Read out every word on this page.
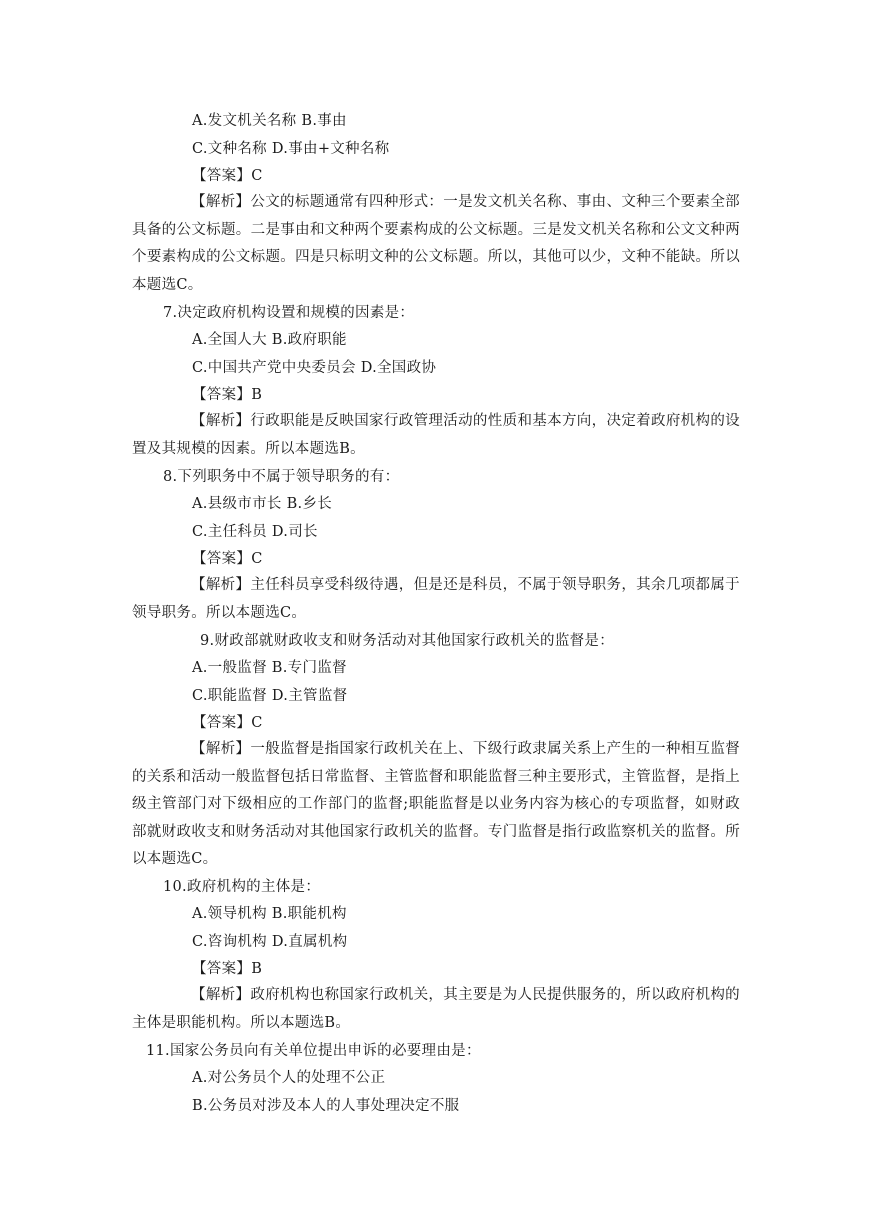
A.发文机关名称 B.事由
C.文种名称 D.事由+文种名称
【答案】C
【解析】公文的标题通常有四种形式：一是发文机关名称、事由、文种三个要素全部具备的公文标题。二是事由和文种两个要素构成的公文标题。三是发文机关名称和公文文种两个要素构成的公文标题。四是只标明文种的公文标题。所以，其他可以少，文种不能缺。所以本题选C。
7.决定政府机构设置和规模的因素是：
A.全国人大 B.政府职能
C.中国共产党中央委员会 D.全国政协
【答案】B
【解析】行政职能是反映国家行政管理活动的性质和基本方向，决定着政府机构的设置及其规模的因素。所以本题选B。
8.下列职务中不属于领导职务的有：
A.县级市市长 B.乡长
C.主任科员 D.司长
【答案】C
【解析】主任科员享受科级待遇，但是还是科员，不属于领导职务，其余几项都属于领导职务。所以本题选C。
9.财政部就财政收支和财务活动对其他国家行政机关的监督是：
A.一般监督 B.专门监督
C.职能监督 D.主管监督
【答案】C
【解析】一般监督是指国家行政机关在上、下级行政隶属关系上产生的一种相互监督的关系和活动一般监督包括日常监督、主管监督和职能监督三种主要形式，主管监督，是指上级主管部门对下级相应的工作部门的监督;职能监督是以业务内容为核心的专项监督，如财政部就财政收支和财务活动对其他国家行政机关的监督。专门监督是指行政监察机关的监督。所以本题选C。
10.政府机构的主体是：
A.领导机构 B.职能机构
C.咨询机构 D.直属机构
【答案】B
【解析】政府机构也称国家行政机关，其主要是为人民提供服务的，所以政府机构的主体是职能机构。所以本题选B。
11.国家公务员向有关单位提出申诉的必要理由是：
A.对公务员个人的处理不公正
B.公务员对涉及本人的人事处理决定不服
